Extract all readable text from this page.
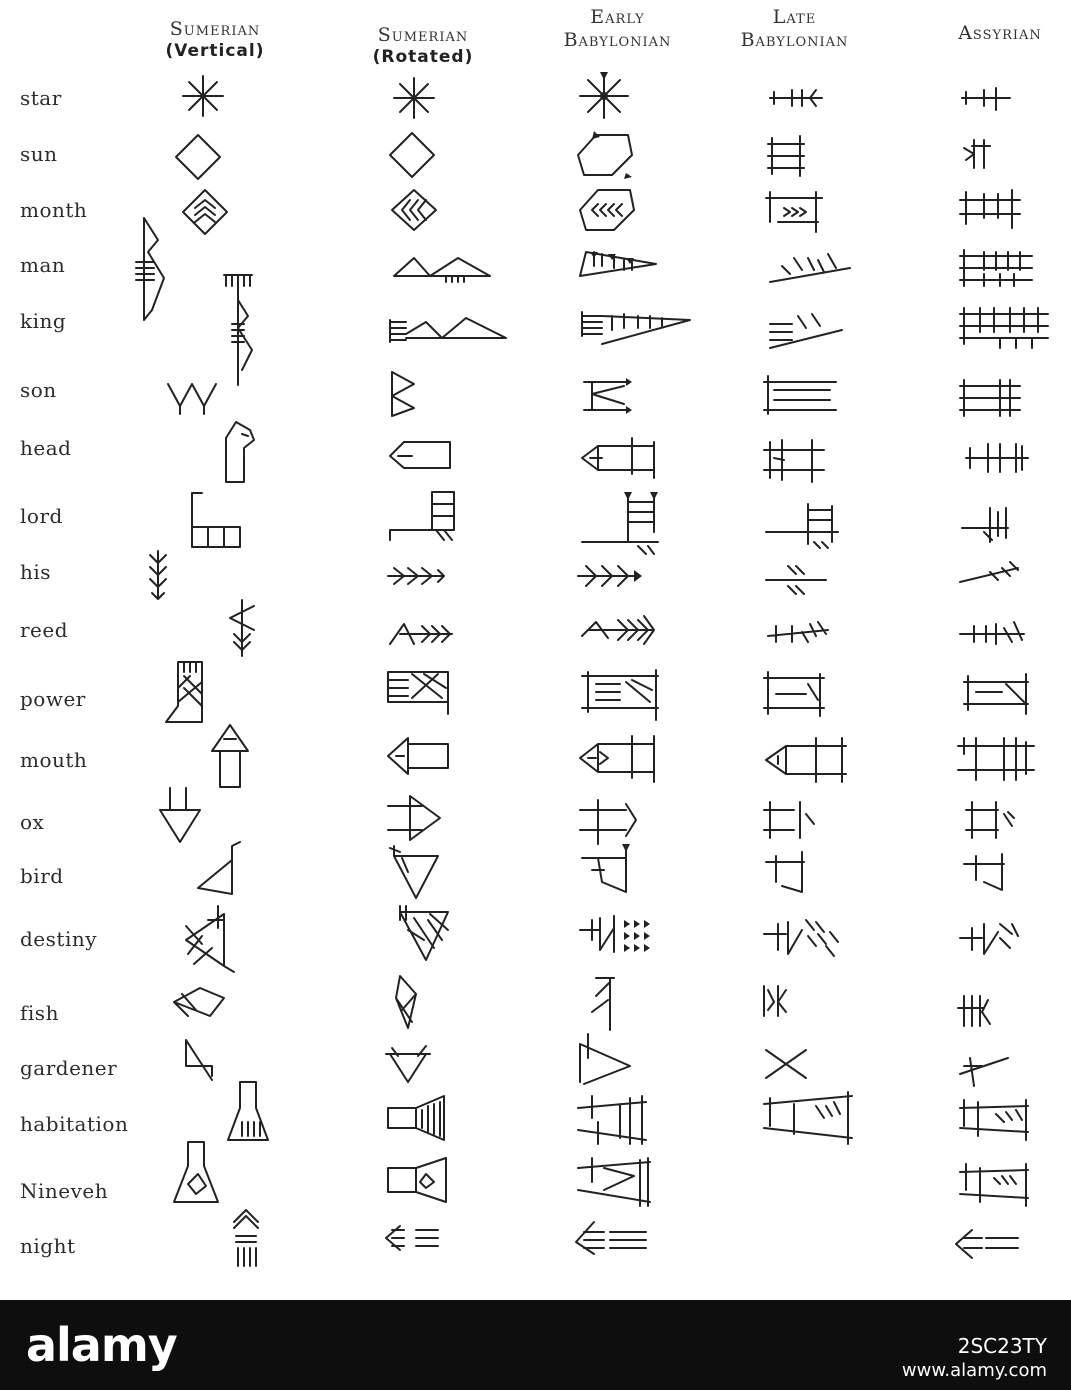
Sumerian
(Vertical)
Sumerian
(Rotated)
Early
Babylonian
Late
Babylonian	Assyrian
star
sun
month
man
king
son
head
lord
his
reed
power
mouth
ox
bird
destiny
fish
gardener
habitation
Nineveh
night
alamy	2SC23TY
www.alamy.com
